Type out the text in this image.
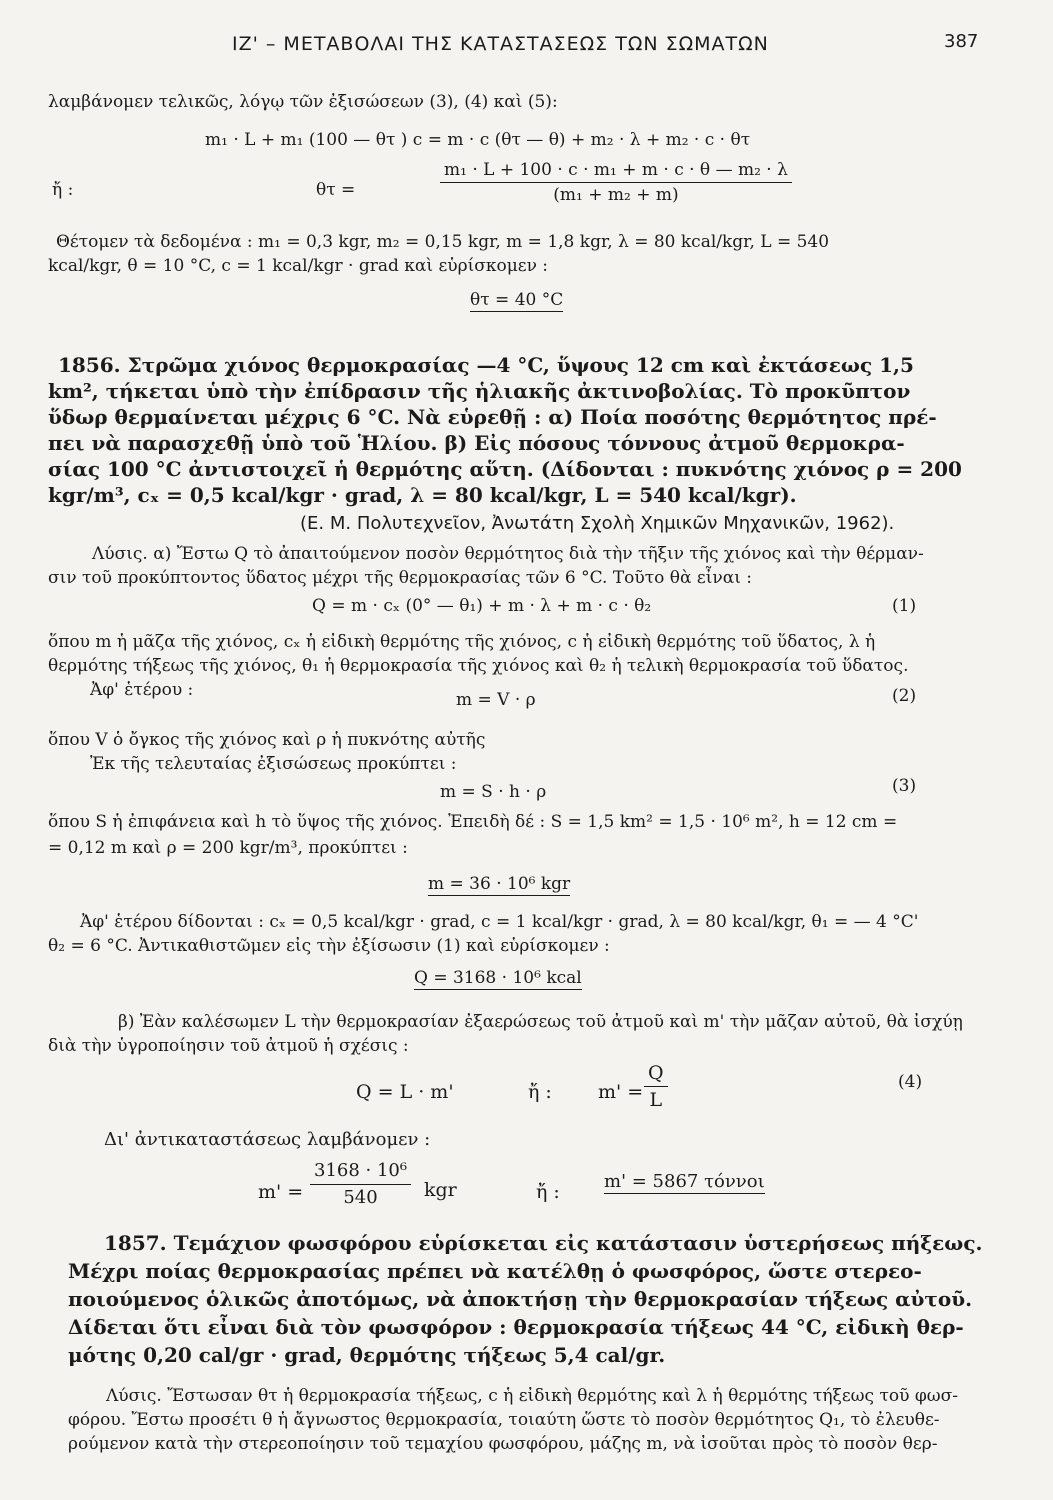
ΙΖ' – ΜΕΤΑΒΟΛΑΙ ΤΗΣ ΚΑΤΑΣΤΑΣΕΩΣ ΤΩΝ ΣΩΜΑΤΩΝ	387
λαμβάνομεν τελικῶς, λόγῳ τῶν ἐξισώσεων (3), (4) καὶ (5):
m₁ · L + m₁ (100 — θτ ) c = m · c (θτ — θ) + m₂ · λ + m₂ · c · θτ
ἤ :	θτ =	$\frac{\text{m₁ · L + 100 · c · m₁ + m · c · θ — m₂ · λ}}{\text{(m₁ + m₂ + m)}}$
Θέτομεν τὰ δεδομένα : m₁ = 0,3 kgr, m₂ = 0,15 kgr, m = 1,8 kgr, λ = 80 kcal/kgr, L = 540
kcal/kgr, θ = 10 °C, c = 1 kcal/kgr · grad καὶ εὑρίσκομεν :
θτ = 40 °C
1856. Στρῶμα χιόνος θερμοκρασίας —4 °C, ὕψους 12 cm καὶ ἐκτάσεως 1,5
km², τήκεται ὑπὸ τὴν ἐπίδρασιν τῆς ἡλιακῆς ἀκτινοβολίας. Τὸ προκῦπτον
ὕδωρ θερμαίνεται μέχρις 6 °C. Νὰ εὑρεθῇ : α) Ποία ποσότης θερμότητος πρέ-
πει νὰ παρασχεθῇ ὑπὸ τοῦ Ἡλίου. β) Εἰς πόσους τόννους ἀτμοῦ θερμοκρα-
σίας 100 °C ἀντιστοιχεῖ ἡ θερμότης αὕτη. (Δίδονται : πυκνότης χιόνος ρ = 200
kgr/m³, cₓ = 0,5 kcal/kgr · grad, λ = 80 kcal/kgr, L = 540 kcal/kgr).
(Ε. Μ. Πολυτεχνεῖον, Ἀνωτάτη Σχολὴ Χημικῶν Μηχανικῶν, 1962).
Λύσις. α) Ἔστω Q τὸ ἀπαιτούμενον ποσὸν θερμότητος διὰ τὴν τῆξιν τῆς χιόνος καὶ τὴν θέρμαν-
σιν τοῦ προκύπτοντος ὕδατος μέχρι τῆς θερμοκρασίας τῶν 6 °C. Τοῦτο θὰ εἶναι :
Q = m · cₓ (0° — θ₁) + m · λ + m · c · θ₂	(1)
ὅπου m ἡ μᾶζα τῆς χιόνος, cₓ ἡ εἰδικὴ θερμότης τῆς χιόνος, c ἡ εἰδικὴ θερμότης τοῦ ὕδατος, λ ἡ
θερμότης τήξεως τῆς χιόνος, θ₁ ἡ θερμοκρασία τῆς χιόνος καὶ θ₂ ἡ τελικὴ θερμοκρασία τοῦ ὕδατος.
Ἀφ' ἑτέρου :	m = V · ρ	(2)
ὅπου V ὁ ὄγκος τῆς χιόνος καὶ ρ ἡ πυκνότης αὐτῆς
Ἐκ τῆς τελευταίας ἐξισώσεως προκύπτει :
m = S · h · ρ	(3)
ὅπου S ἡ ἐπιφάνεια καὶ h τὸ ὕψος τῆς χιόνος. Ἐπειδὴ δέ : S = 1,5 km² = 1,5 · 10⁶ m², h = 12 cm =
= 0,12 m καὶ ρ = 200 kgr/m³, προκύπτει :
m = 36 · 10⁶ kgr
Ἀφ' ἑτέρου δίδονται : cₓ = 0,5 kcal/kgr · grad, c = 1 kcal/kgr · grad, λ = 80 kcal/kgr, θ₁ = — 4 °C'
θ₂ = 6 °C. Ἀντικαθιστῶμεν εἰς τὴν ἐξίσωσιν (1) καὶ εὑρίσκομεν :
Q = 3168 · 10⁶ kcal
β) Ἐὰν καλέσωμεν L τὴν θερμοκρασίαν ἐξαερώσεως τοῦ ἀτμοῦ καὶ m' τὴν μᾶζαν αὐτοῦ, θὰ ἰσχύῃ
διὰ τὴν ὑγροποίησιν τοῦ ἀτμοῦ ἡ σχέσις :
Q = L · m'	ἤ : $m' = \frac{Q}{L}$	(4)
Δι' ἀντικαταστάσεως λαμβάνομεν :
$m' = \frac{\text{3168 · 10⁶}}{540}$ kgr	ἤ : m' = 5867 τόννοι
1857. Τεμάχιον φωσφόρου εὑρίσκεται εἰς κατάστασιν ὑστερήσεως πήξεως.
Μέχρι ποίας θερμοκρασίας πρέπει νὰ κατέλθῃ ὁ φωσφόρος, ὥστε στερεο-
ποιούμενος ὁλικῶς ἀποτόμως, νὰ ἀποκτήσῃ τὴν θερμοκρασίαν τήξεως αὐτοῦ.
Δίδεται ὅτι εἶναι διὰ τὸν φωσφόρον : θερμοκρασία τήξεως 44 °C, εἰδικὴ θερ-
μότης 0,20 cal/gr · grad, θερμότης τήξεως 5,4 cal/gr.
Λύσις. Ἔστωσαν θτ ἡ θερμοκρασία τήξεως, c ἡ εἰδικὴ θερμότης καὶ λ ἡ θερμότης τήξεως τοῦ φωσ-
φόρου. Ἔστω προσέτι θ ἡ ἄγνωστος θερμοκρασία, τοιαύτη ὥστε τὸ ποσὸν θερμότητος Q₁, τὸ ἐλευθε-
ρούμενον κατὰ τὴν στερεοποίησιν τοῦ τεμαχίου φωσφόρου, μάζης m, νὰ ἰσοῦται πρὸς τὸ ποσὸν θερ-
